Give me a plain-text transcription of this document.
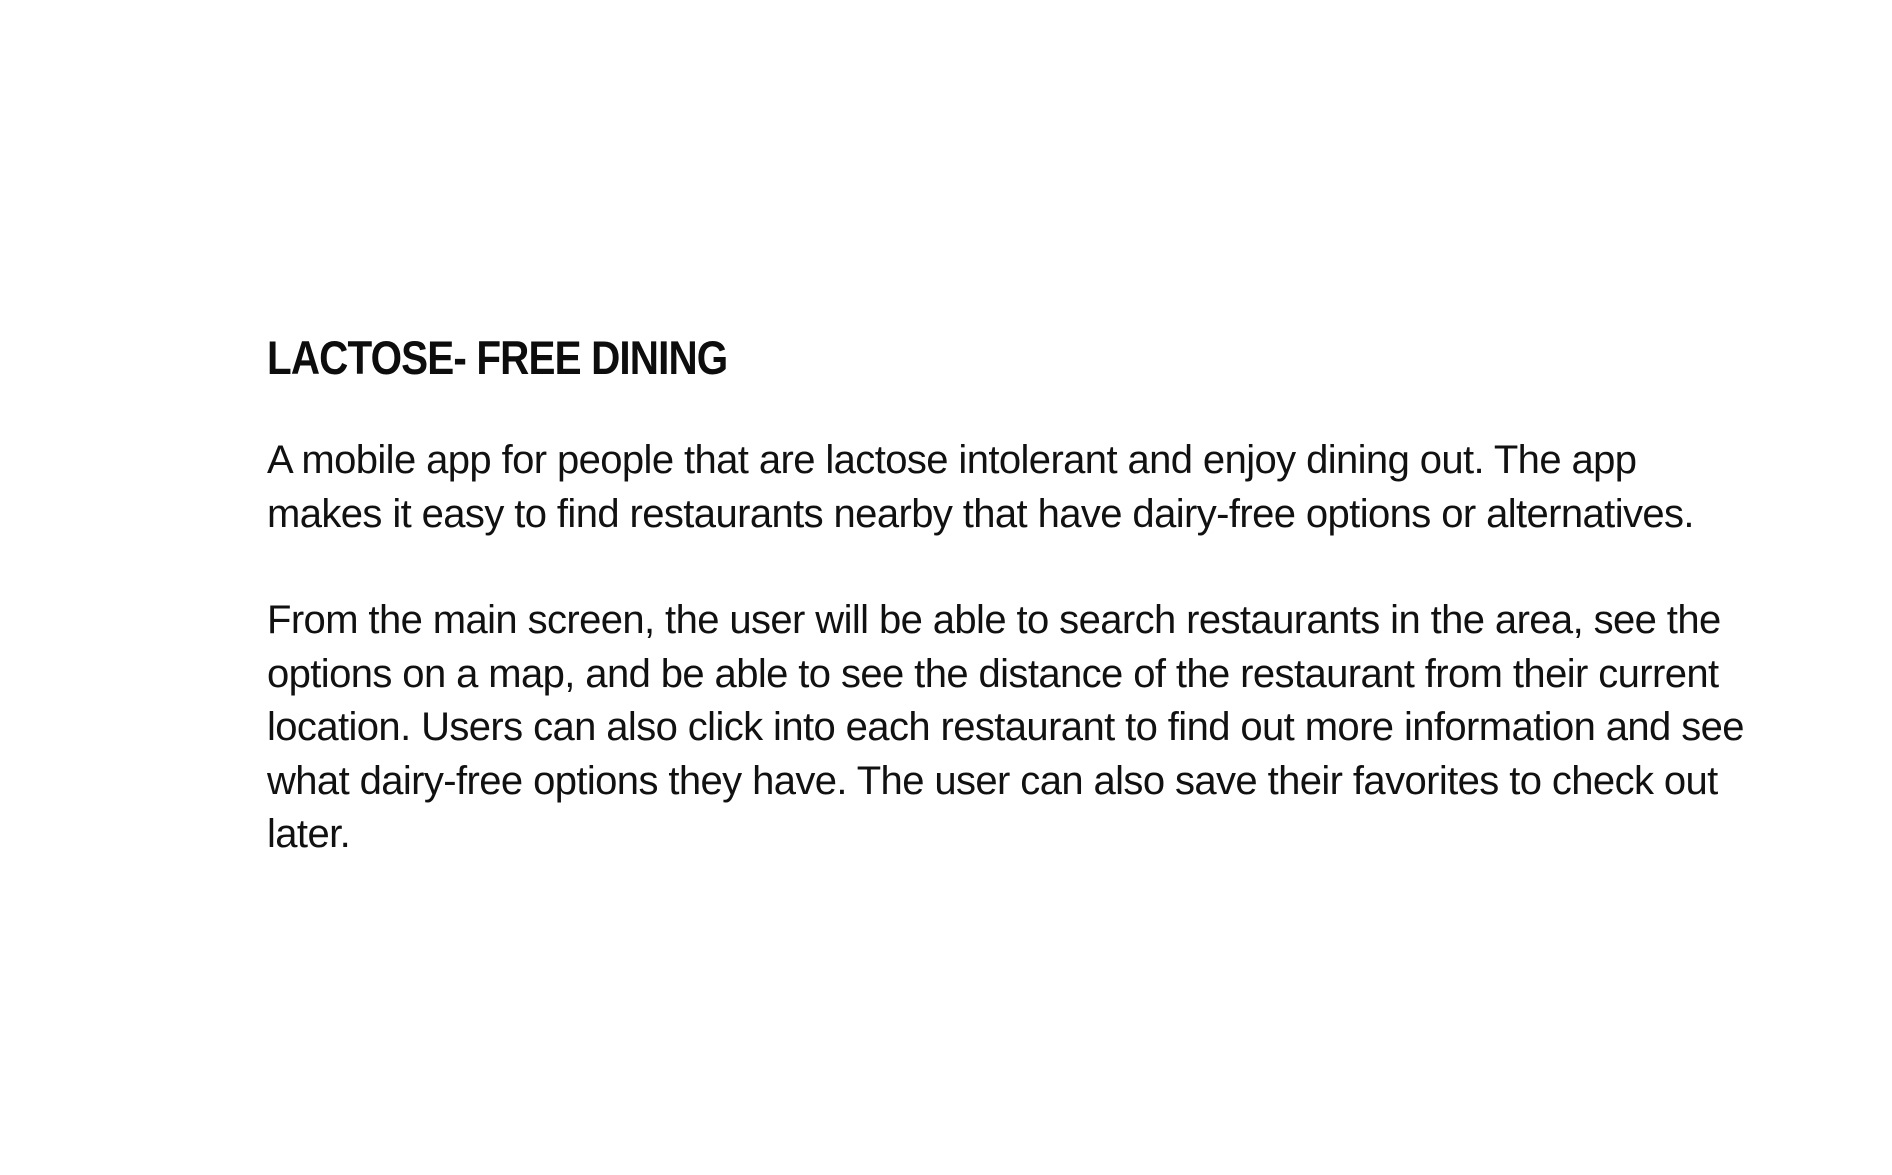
LACTOSE- FREE DINING

A mobile app for people that are lactose intolerant and enjoy dining out. The app makes it easy to find restaurants nearby that have dairy-free options or alternatives.

From the main screen, the user will be able to search restaurants in the area, see the options on a map, and be able to see the distance of the restaurant from their current location. Users can also click into each restaurant to find out more information and see what dairy-free options they have. The user can also save their favorites to check out later.
